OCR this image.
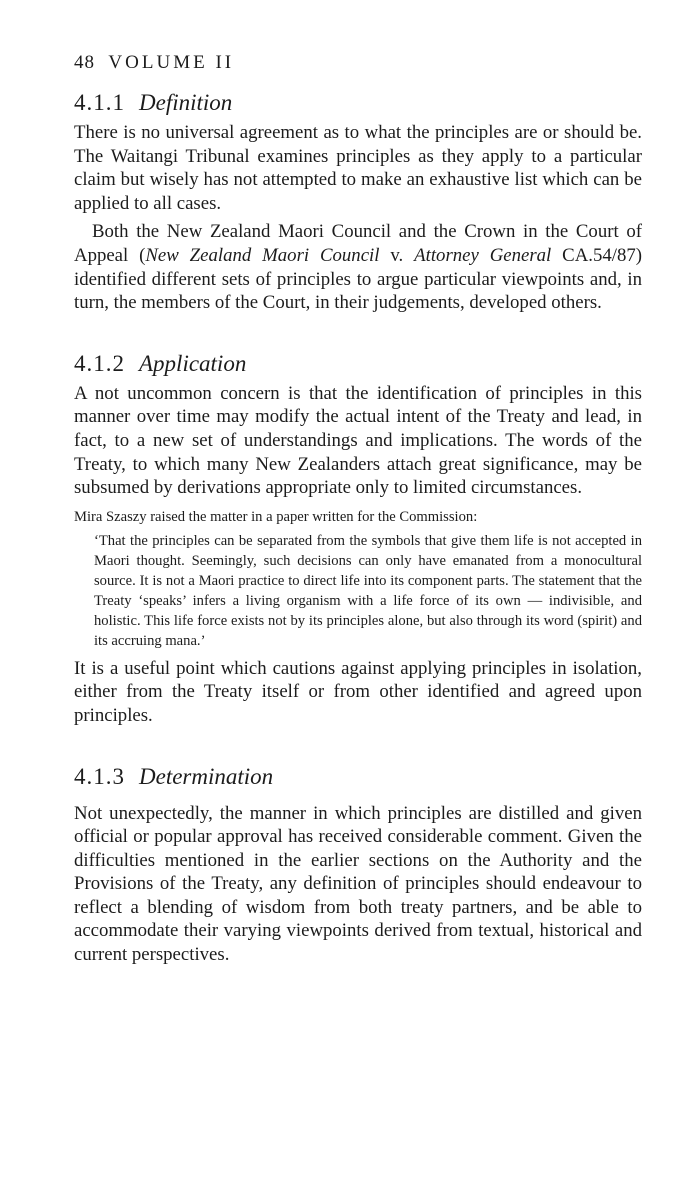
48 VOLUME II
4.1.1 Definition

There is no universal agreement as to what the principles are or should be. The Waitangi Tribunal examines principles as they apply to a particular claim but wisely has not attempted to make an exhaustive list which can be applied to all cases.

Both the New Zealand Maori Council and the Crown in the Court of Appeal (New Zealand Maori Council v. Attorney General CA.54/87) identified different sets of principles to argue particular viewpoints and, in turn, the members of the Court, in their judgements, developed others.

4.1.2 Application

A not uncommon concern is that the identification of principles in this manner over time may modify the actual intent of the Treaty and lead, in fact, to a new set of understandings and implications. The words of the Treaty, to which many New Zealanders attach great significance, may be subsumed by derivations appropriate only to limited circumstances.

Mira Szaszy raised the matter in a paper written for the Commission:
‘That the principles can be separated from the symbols that give them life is not accepted in Maori thought. Seemingly, such decisions can only have emanated from a monocultural source. It is not a Maori practice to direct life into its component parts. The statement that the Treaty ‘speaks’ infers a living organism with a life force of its own — indivisible, and holistic. This life force exists not by its principles alone, but also through its word (spirit) and its accruing mana.’

It is a useful point which cautions against applying principles in isolation, either from the Treaty itself or from other identified and agreed upon principles.

4.1.3 Determination

Not unexpectedly, the manner in which principles are distilled and given official or popular approval has received considerable comment. Given the difficulties mentioned in the earlier sections on the Authority and the Provisions of the Treaty, any definition of principles should endeavour to reflect a blending of wisdom from both treaty partners, and be able to accommodate their varying viewpoints derived from textual, historical and current perspectives.
